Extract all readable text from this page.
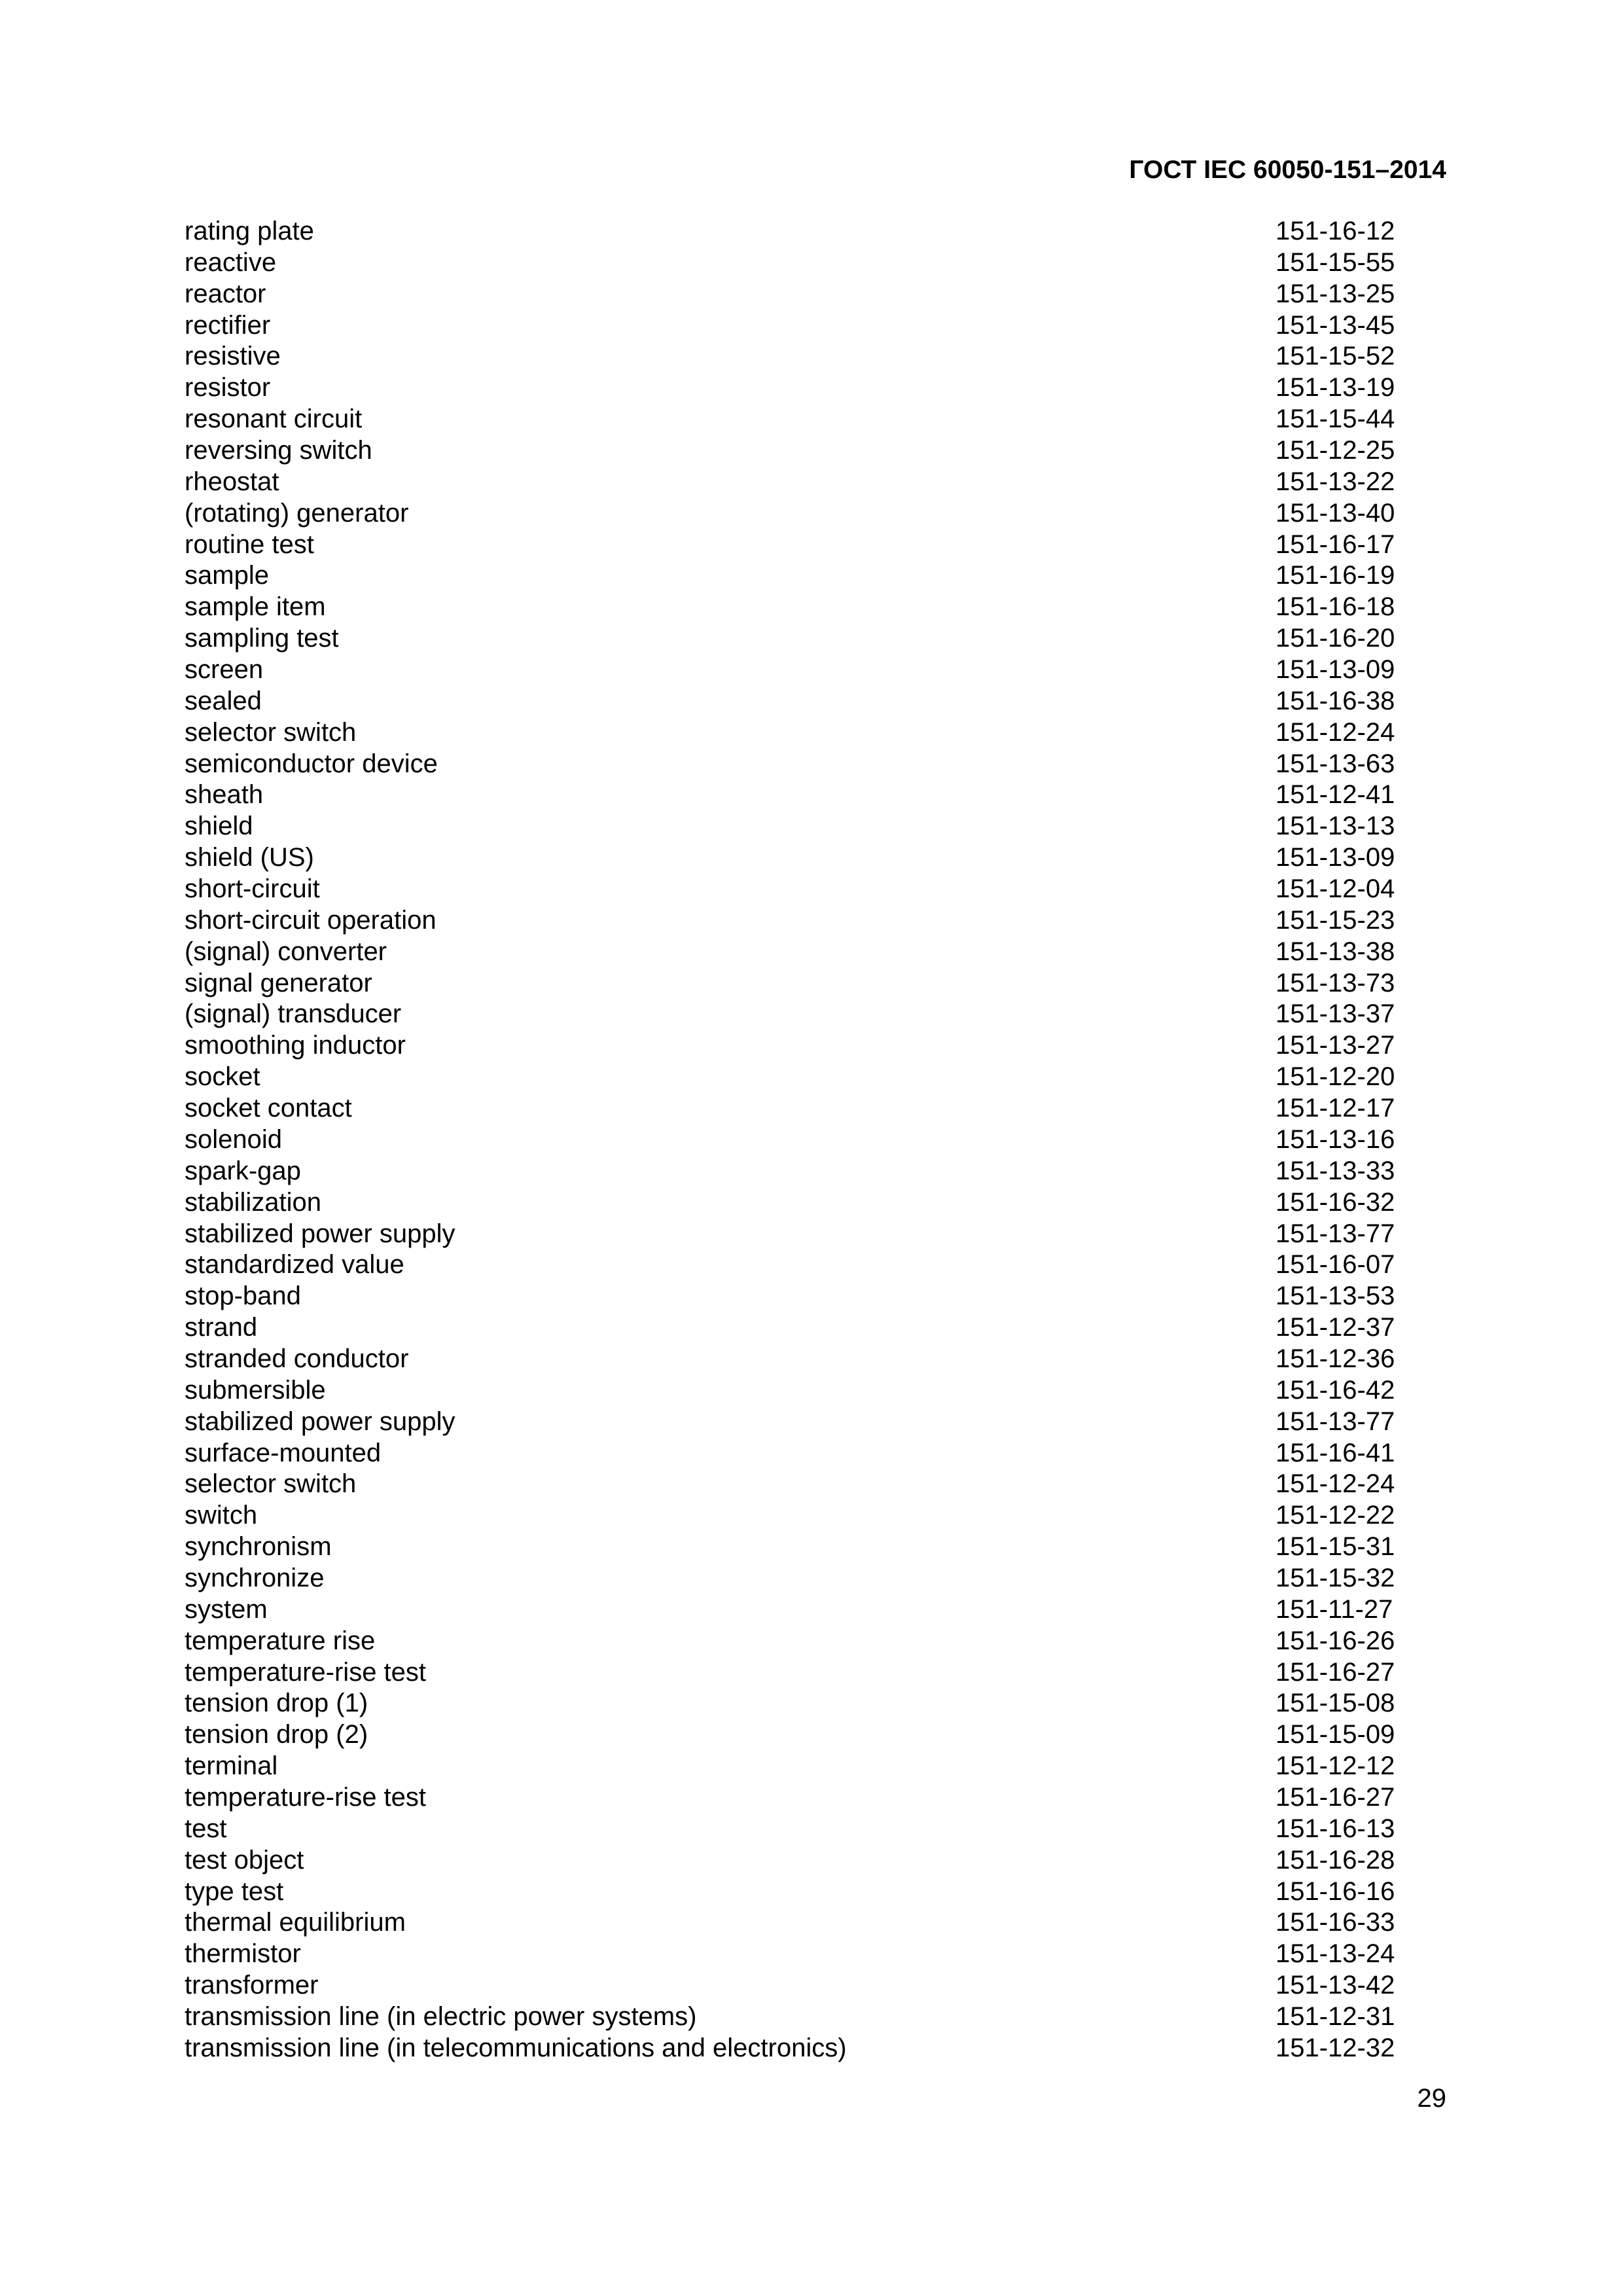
ГОСТ IEC 60050-151–2014
rating plate	151-16-12
reactive	151-15-55
reactor	151-13-25
rectifier	151-13-45
resistive	151-15-52
resistor	151-13-19
resonant circuit	151-15-44
reversing switch	151-12-25
rheostat	151-13-22
(rotating) generator	151-13-40
routine test	151-16-17
sample	151-16-19
sample item	151-16-18
sampling test	151-16-20
screen	151-13-09
sealed	151-16-38
selector switch	151-12-24
semiconductor device	151-13-63
sheath	151-12-41
shield	151-13-13
shield (US)	151-13-09
short-circuit	151-12-04
short-circuit operation	151-15-23
(signal) converter	151-13-38
signal generator	151-13-73
(signal) transducer	151-13-37
smoothing inductor	151-13-27
socket	151-12-20
socket contact	151-12-17
solenoid	151-13-16
spark-gap	151-13-33
stabilization	151-16-32
stabilized power supply	151-13-77
standardized value	151-16-07
stop-band	151-13-53
strand	151-12-37
stranded conductor	151-12-36
submersible	151-16-42
stabilized power supply	151-13-77
surface-mounted	151-16-41
selector switch	151-12-24
switch	151-12-22
synchronism	151-15-31
synchronize	151-15-32
system	151-11-27
temperature rise	151-16-26
temperature-rise test	151-16-27
tension drop (1)	151-15-08
tension drop (2)	151-15-09
terminal	151-12-12
temperature-rise test	151-16-27
test	151-16-13
test object	151-16-28
type test	151-16-16
thermal equilibrium	151-16-33
thermistor	151-13-24
transformer	151-13-42
transmission line (in electric power systems)	151-12-31
transmission line (in telecommunications and electronics)	151-12-32
29
